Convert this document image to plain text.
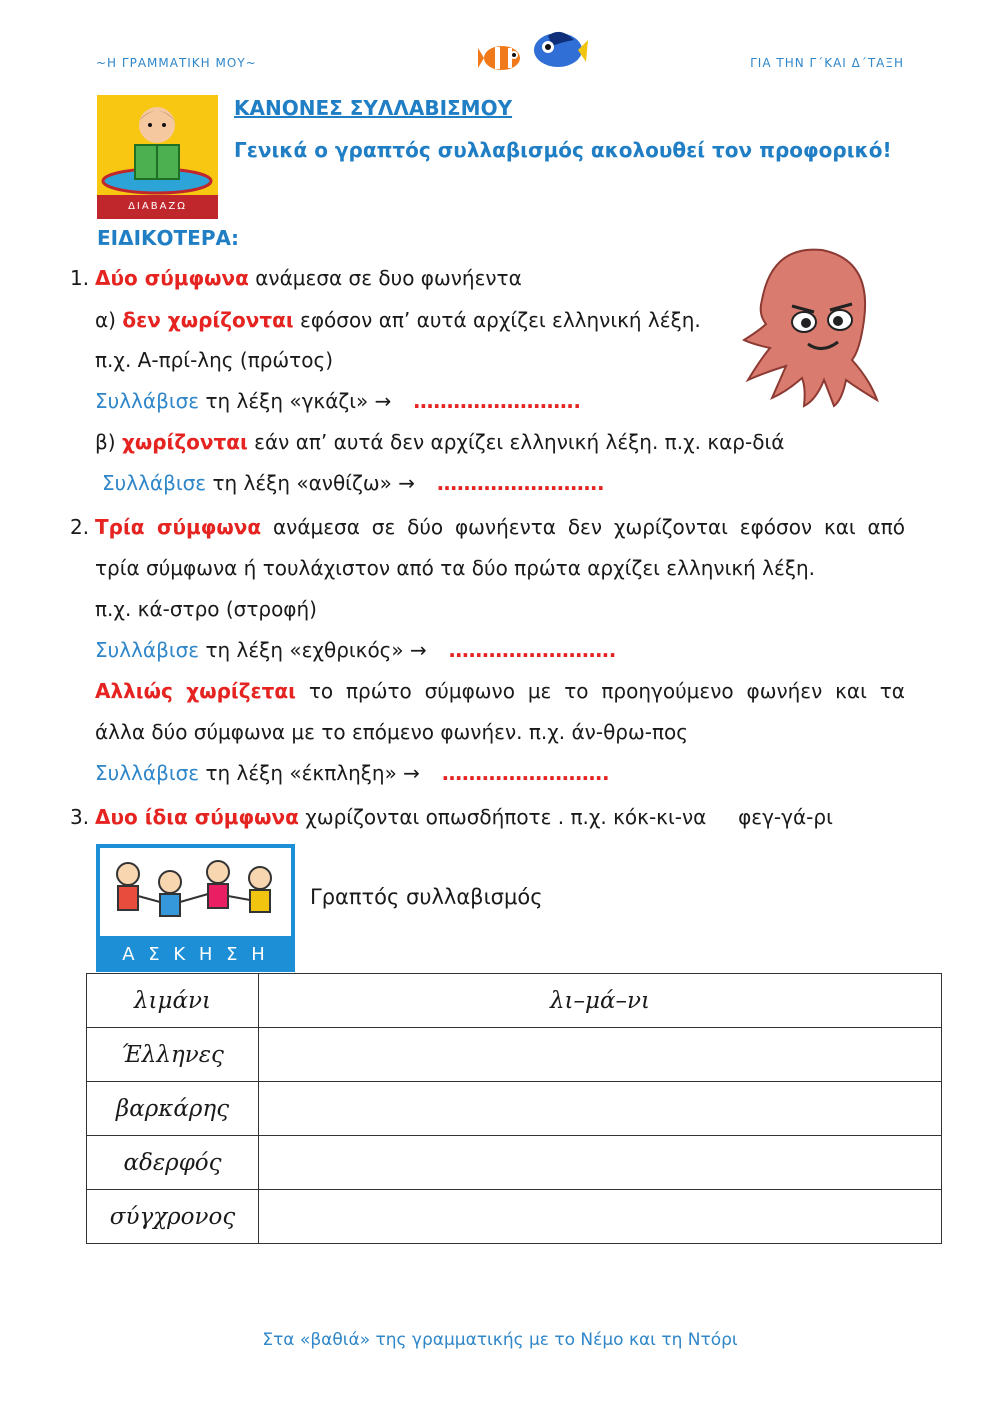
~Η ΓΡΑΜΜΑΤΙΚΗ ΜΟΥ~	ΓΙΑ ΤΗΝ Γ΄ΚΑΙ Δ΄ΤΑΞΗ
ΔΙΑΒΑΖΩ
ΚΑΝΟΝΕΣ ΣΥΛΛΑΒΙΣΜΟΥ
Γενικά ο γραπτός συλλαβισμός ακολουθεί τον προφορικό!
ΕΙΔΙΚΟΤΕΡΑ:
1. Δύο σύμφωνα ανάμεσα σε δυο φωνήεντα
α) δεν χωρίζονται εφόσον απ’ αυτά αρχίζει ελληνική λέξη.
π.χ. Α-πρί-λης (πρώτος)
Συλλάβισε τη λέξη «γκάζι» → …………………….
β) χωρίζονται εάν απ’ αυτά δεν αρχίζει ελληνική λέξη. π.χ. καρ-διά
Συλλάβισε τη λέξη «ανθίζω» → …………………….
2. Τρία σύμφωνα ανάμεσα σε δύο φωνήεντα δεν χωρίζονται εφόσον και από
τρία σύμφωνα ή τουλάχιστον από τα δύο πρώτα αρχίζει ελληνική λέξη.
π.χ. κά-στρο (στροφή)
Συλλάβισε τη λέξη «εχθρικός» → …………………….
Αλλιώς χωρίζεται το πρώτο σύμφωνο με το προηγούμενο φωνήεν και τα
άλλα δύο σύμφωνα με το επόμενο φωνήεν. π.χ. άν-θρω-πος
Συλλάβισε τη λέξη «έκπληξη» → …………………….
3. Δυο ίδια σύμφωνα χωρίζονται οπωσδήποτε . π.χ. κόκ-κι-να     φεγ-γά-ρι
Α Σ Κ Η Σ Η
Γραπτός συλλαβισμός
λιμάνι	λι–μά–νι
Έλληνες	
βαρκάρης	
αδερφός	
σύγχρονος	
Στα «βαθιά» της γραμματικής με το Νέμο και τη Ντόρι
